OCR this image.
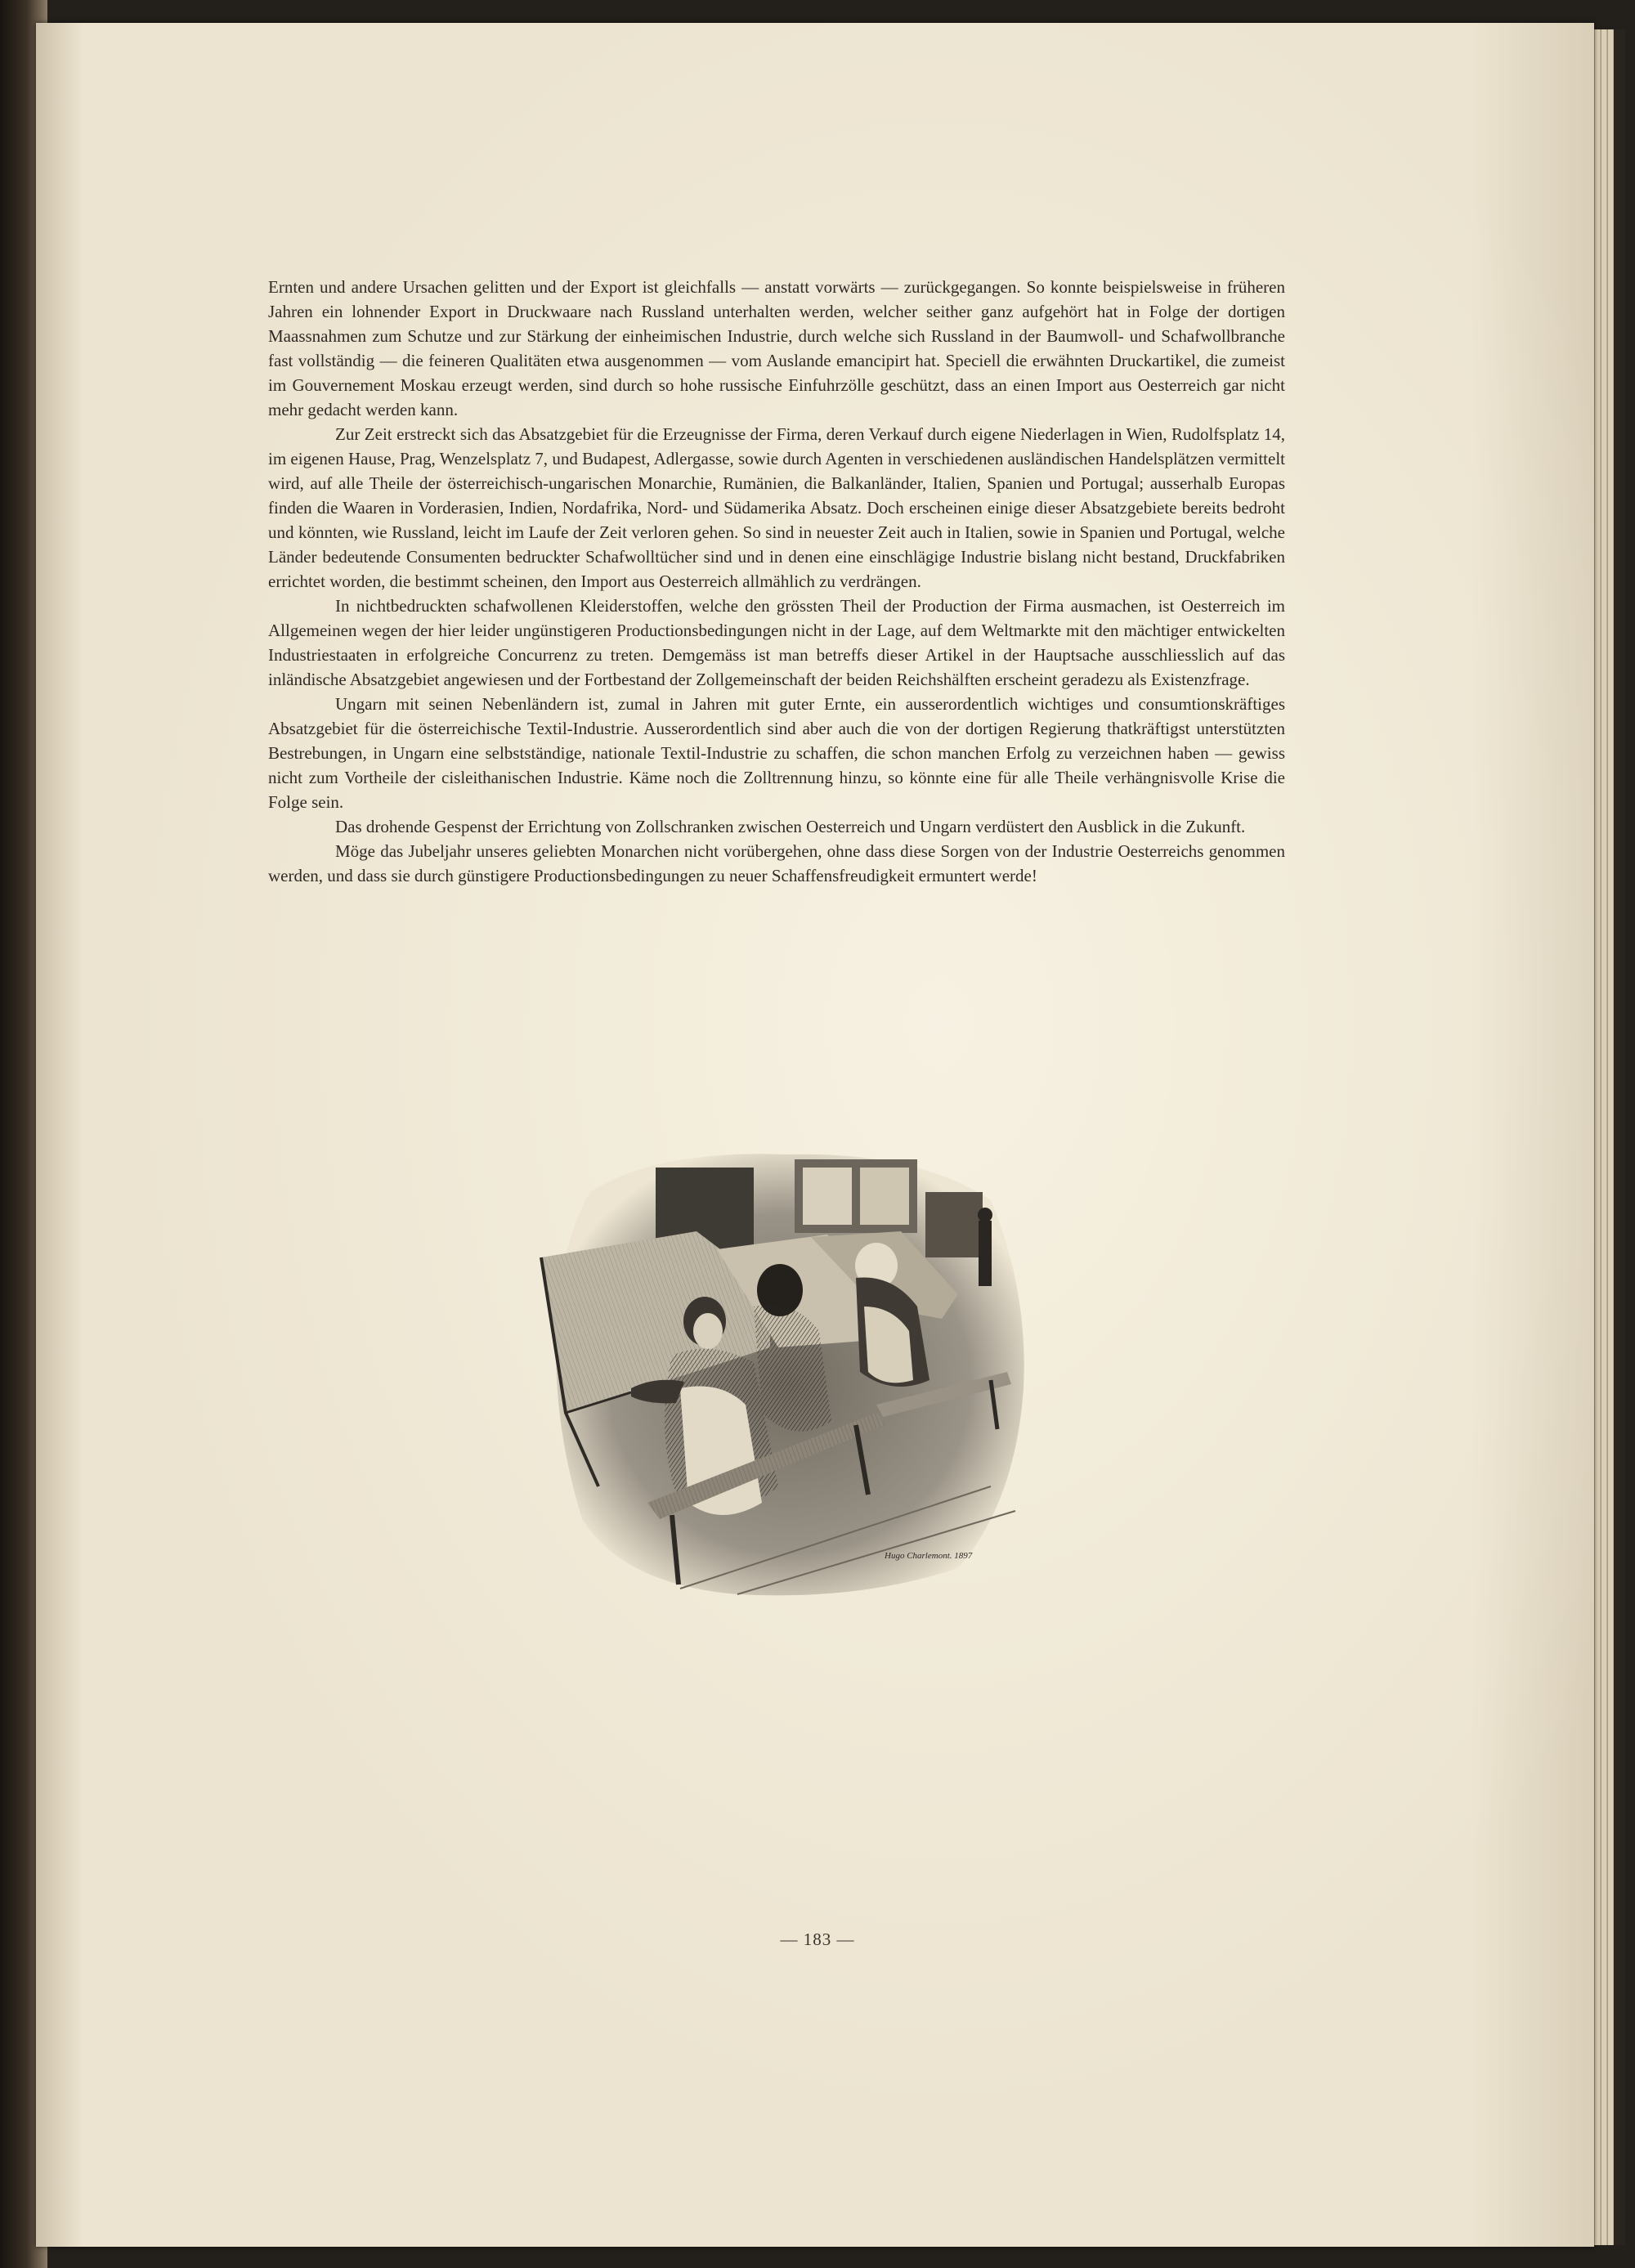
Ernten und andere Ursachen gelitten und der Export ist gleichfalls — anstatt vorwärts — zurückgegangen. So konnte beispielsweise in früheren Jahren ein lohnender Export in Druckwaare nach Russland unterhalten werden, welcher seither ganz aufgehört hat in Folge der dortigen Maassnahmen zum Schutze und zur Stärkung der einheimischen Industrie, durch welche sich Russland in der Baumwoll- und Schafwollbranche fast vollständig — die feineren Qualitäten etwa ausgenommen — vom Auslande emancipirt hat. Speciell die erwähnten Druckartikel, die zumeist im Gouvernement Moskau erzeugt werden, sind durch so hohe russische Einfuhrzölle geschützt, dass an einen Import aus Oesterreich gar nicht mehr gedacht werden kann.

Zur Zeit erstreckt sich das Absatzgebiet für die Erzeugnisse der Firma, deren Verkauf durch eigene Niederlagen in Wien, Rudolfsplatz 14, im eigenen Hause, Prag, Wenzelsplatz 7, und Budapest, Adlergasse, sowie durch Agenten in verschiedenen ausländischen Handelsplätzen vermittelt wird, auf alle Theile der österreichisch-ungarischen Monarchie, Rumänien, die Balkanländer, Italien, Spanien und Portugal; ausserhalb Europas finden die Waaren in Vorderasien, Indien, Nordafrika, Nord- und Südamerika Absatz. Doch erscheinen einige dieser Absatzgebiete bereits bedroht und könnten, wie Russland, leicht im Laufe der Zeit verloren gehen. So sind in neuester Zeit auch in Italien, sowie in Spanien und Portugal, welche Länder bedeutende Consumenten bedruckter Schafwolltücher sind und in denen eine einschlägige Industrie bislang nicht bestand, Druckfabriken errichtet worden, die bestimmt scheinen, den Import aus Oesterreich allmählich zu verdrängen.

In nichtbedruckten schafwollenen Kleiderstoffen, welche den grössten Theil der Production der Firma ausmachen, ist Oesterreich im Allgemeinen wegen der hier leider ungünstigeren Productionsbedingungen nicht in der Lage, auf dem Weltmarkte mit den mächtiger entwickelten Industriestaaten in erfolgreiche Concurrenz zu treten. Demgemäss ist man betreffs dieser Artikel in der Hauptsache ausschliesslich auf das inländische Absatzgebiet angewiesen und der Fortbestand der Zollgemeinschaft der beiden Reichshälften erscheint geradezu als Existenzfrage.

Ungarn mit seinen Nebenländern ist, zumal in Jahren mit guter Ernte, ein ausserordentlich wichtiges und consumtionskräftiges Absatzgebiet für die österreichische Textil-Industrie. Ausserordentlich sind aber auch die von der dortigen Regierung thatkräftigst unterstützten Bestrebungen, in Ungarn eine selbstständige, nationale Textil-Industrie zu schaffen, die schon manchen Erfolg zu verzeichnen haben — gewiss nicht zum Vortheile der cisleithanischen Industrie. Käme noch die Zolltrennung hinzu, so könnte eine für alle Theile verhängnisvolle Krise die Folge sein.

Das drohende Gespenst der Errichtung von Zollschranken zwischen Oesterreich und Ungarn verdüstert den Ausblick in die Zukunft.

Möge das Jubeljahr unseres geliebten Monarchen nicht vorübergehen, ohne dass diese Sorgen von der Industrie Oesterreichs genommen werden, und dass sie durch günstigere Productionsbedingungen zu neuer Schaffensfreudigkeit ermuntert werde!

Hugo Charlemont. 1897
— 183 —
